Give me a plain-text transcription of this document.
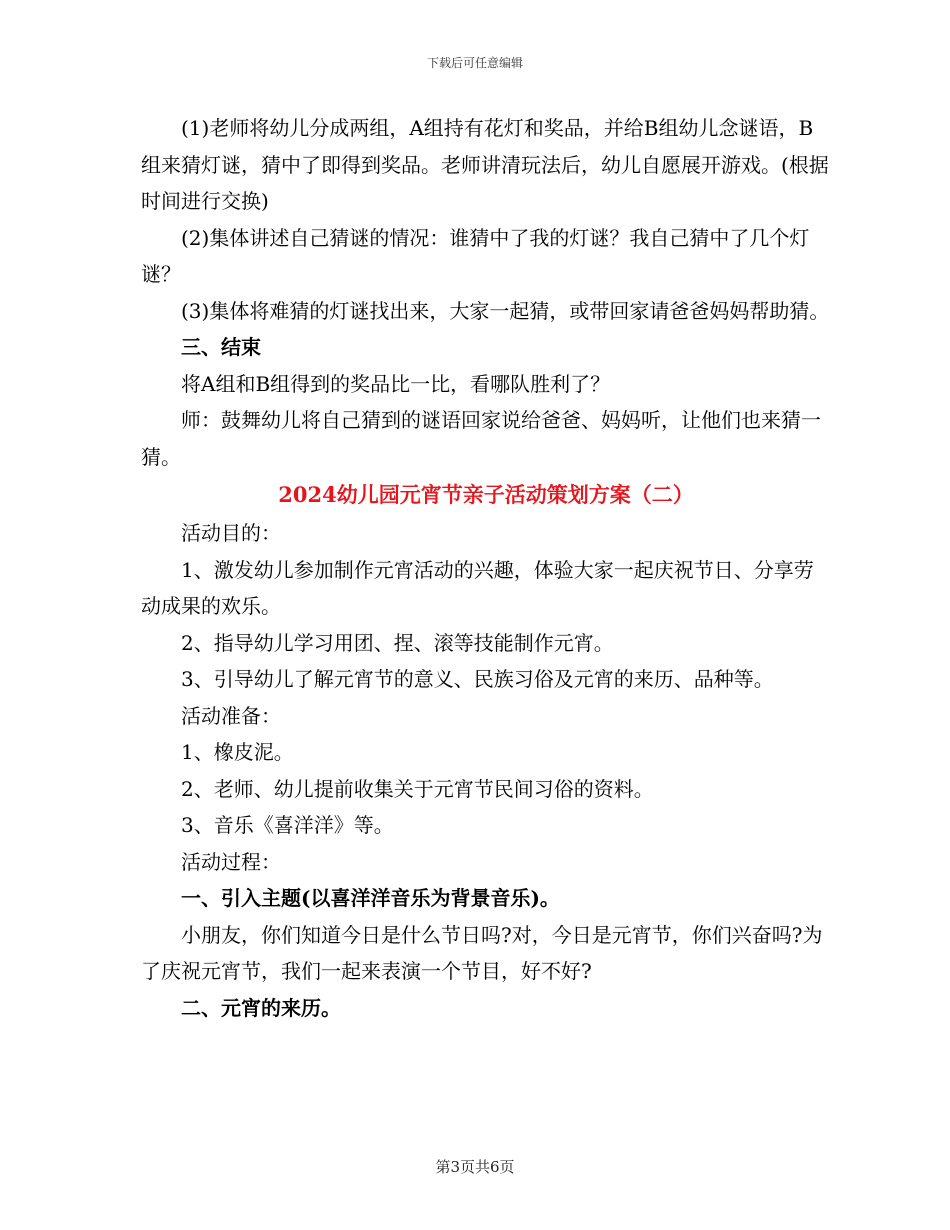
下载后可任意编辑

(1)老师将幼儿分成两组，A组持有花灯和奖品，并给B组幼儿念谜语，B组来猜灯谜，猜中了即得到奖品。老师讲清玩法后，幼儿自愿展开游戏。(根据时间进行交换)

(2)集体讲述自己猜谜的情况：谁猜中了我的灯谜？我自己猜中了几个灯谜？

(3)集体将难猜的灯谜找出来，大家一起猜，或带回家请爸爸妈妈帮助猜。

三、结束

将A组和B组得到的奖品比一比，看哪队胜利了？

师：鼓舞幼儿将自己猜到的谜语回家说给爸爸、妈妈听，让他们也来猜一猜。

2024幼儿园元宵节亲子活动策划方案（二）

活动目的：

1、激发幼儿参加制作元宵活动的兴趣，体验大家一起庆祝节日、分享劳动成果的欢乐。

2、指导幼儿学习用团、捏、滚等技能制作元宵。

3、引导幼儿了解元宵节的意义、民族习俗及元宵的来历、品种等。

活动准备：

1、橡皮泥。

2、老师、幼儿提前收集关于元宵节民间习俗的资料。

3、音乐《喜洋洋》等。

活动过程：

一、引入主题(以喜洋洋音乐为背景音乐)。

小朋友，你们知道今日是什么节日吗?对，今日是元宵节，你们兴奋吗?为了庆祝元宵节，我们一起来表演一个节目，好不好?

二、元宵的来历。

第3页共6页
